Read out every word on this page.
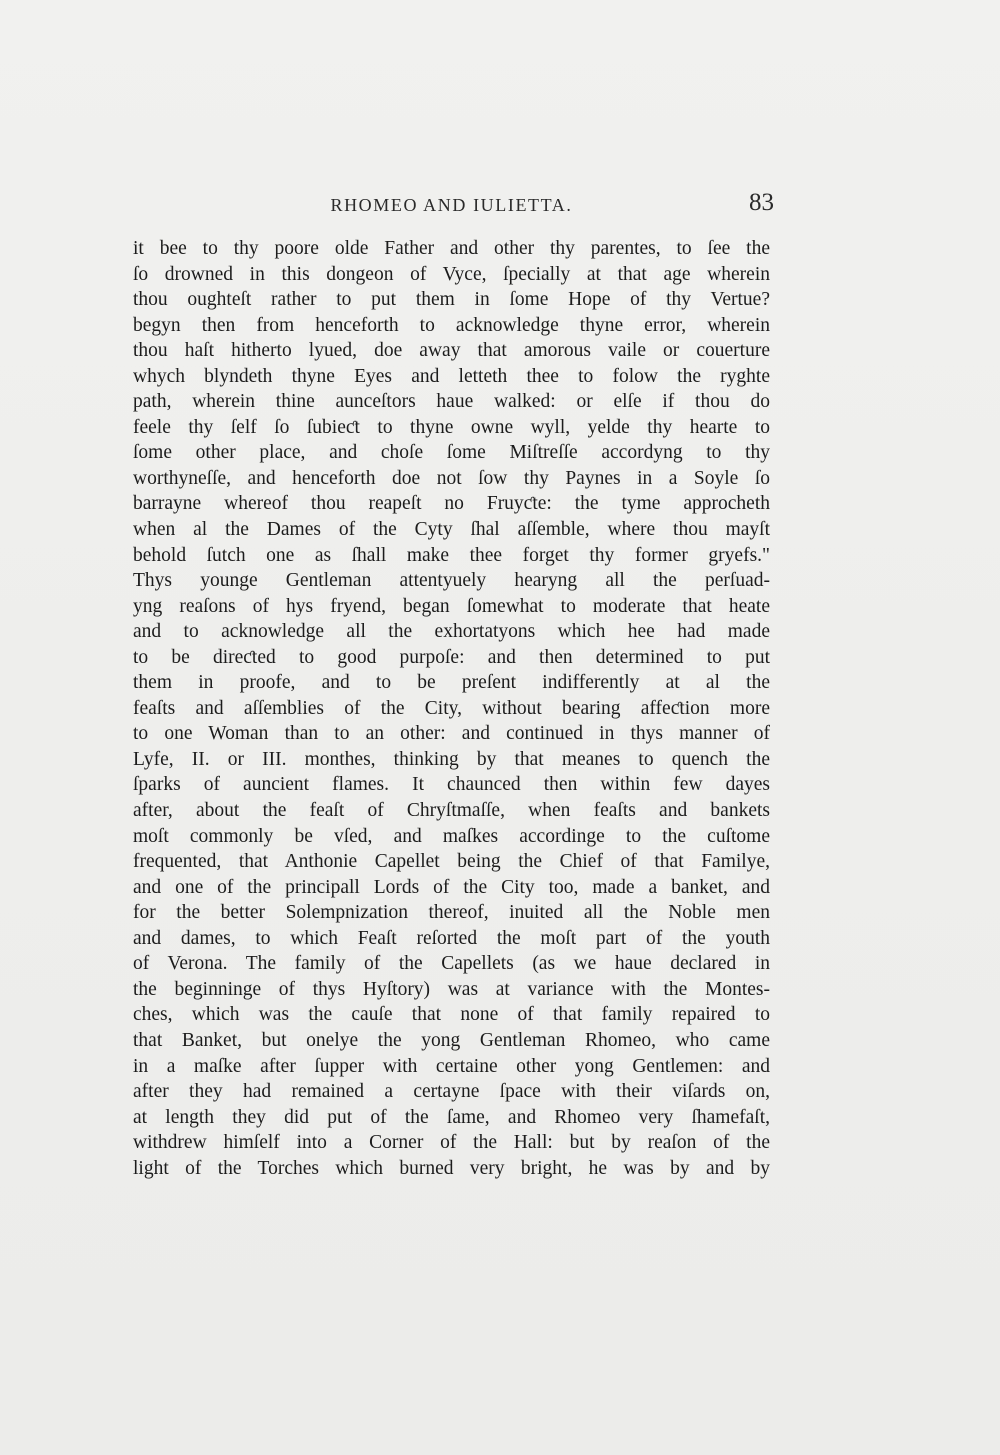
RHOMEO AND IULIETTA.	83
it bee to thy poore olde Father and other thy parentes, to ſee the
ſo drowned in this dongeon of Vyce, ſpecially at that age wherein
thou oughteſt rather to put them in ſome Hope of thy Vertue?
begyn then from henceforth to acknowledge thyne error, wherein
thou haſt hitherto lyued, doe away that amorous vaile or couerture
whych blyndeth thyne Eyes and letteth thee to folow the ryghte
path, wherein thine aunceſtors haue walked: or elſe if thou do
feele thy ſelf ſo ſubieƈt to thyne owne wyll, yelde thy hearte to
ſome other place, and choſe ſome Miſtreſſe accordyng to thy
worthyneſſe, and henceforth doe not ſow thy Paynes in a Soyle ſo
barrayne whereof thou reapeſt no Fruyƈte: the tyme approcheth
when al the Dames of the Cyty ſhal aſſemble, where thou mayſt
behold ſutch one as ſhall make thee forget thy former gryefs."
Thys younge Gentleman attentyuely hearyng all the perſuad-
yng reaſons of hys fryend, began ſomewhat to moderate that heate
and to acknowledge all the exhortatyons which hee had made
to be direƈted to good purpoſe: and then determined to put
them in proofe, and to be preſent indifferently at al the
feaſts and aſſemblies of the City, without bearing affeƈtion more
to one Woman than to an other: and continued in thys manner of
Lyfe, II. or III. monthes, thinking by that meanes to quench the
ſparks of auncient flames. It chaunced then within few dayes
after, about the feaſt of Chryſtmaſſe, when feaſts and bankets
moſt commonly be vſed, and maſkes accordinge to the cuſtome
frequented, that Anthonie Capellet being the Chief of that Familye,
and one of the principall Lords of the City too, made a banket, and
for the better Solempnization thereof, inuited all the Noble men
and dames, to which Feaſt reſorted the moſt part of the youth
of Verona. The family of the Capellets (as we haue declared in
the beginninge of thys Hyſtory) was at variance with the Montes-
ches, which was the cauſe that none of that family repaired to
that Banket, but onelye the yong Gentleman Rhomeo, who came
in a maſke after ſupper with certaine other yong Gentlemen: and
after they had remained a certayne ſpace with their viſards on,
at length they did put of the ſame, and Rhomeo very ſhamefaſt,
withdrew himſelf into a Corner of the Hall: but by reaſon of the
light of the Torches which burned very bright, he was by and by
